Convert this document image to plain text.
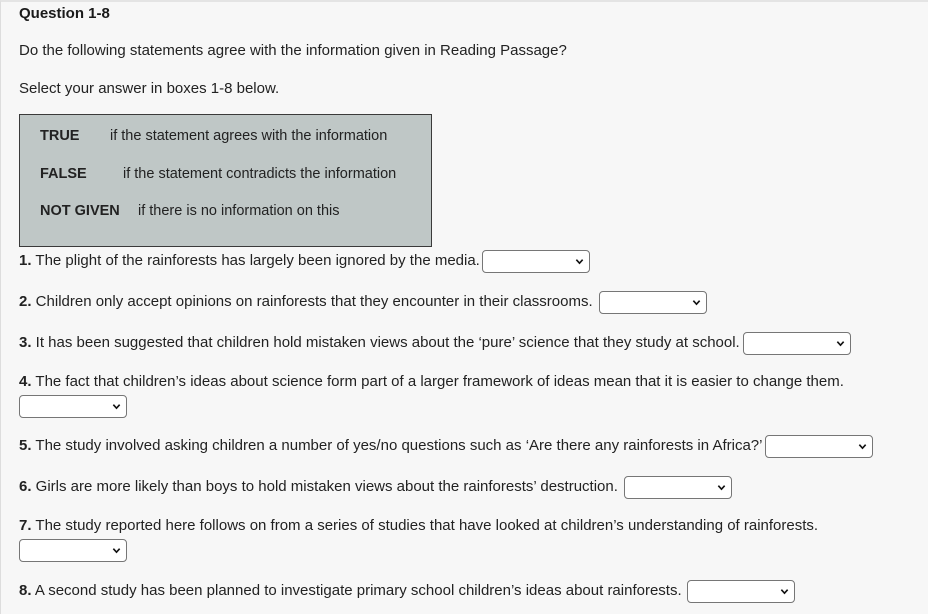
Question 1-8
Do the following statements agree with the information given in Reading Passage?
Select your answer in boxes 1-8 below.
TRUE if the statement agrees with the information
FALSE	if the statement contradicts the information
NOT GIVEN if there is no information on this
1. The plight of the rainforests has largely been ignored by the media.
2. Children only accept opinions on rainforests that they encounter in their classrooms.
3. It has been suggested that children hold mistaken views about the ‘pure’ science that they study at school.
4. The fact that children’s ideas about science form part of a larger framework of ideas mean that it is easier to change them.
5. The study involved asking children a number of yes/no questions such as ‘Are there any rainforests in Africa?’
6. Girls are more likely than boys to hold mistaken views about the rainforests’ destruction.
7. The study reported here follows on from a series of studies that have looked at children’s understanding of rainforests.
8. A second study has been planned to investigate primary school children’s ideas about rainforests.
